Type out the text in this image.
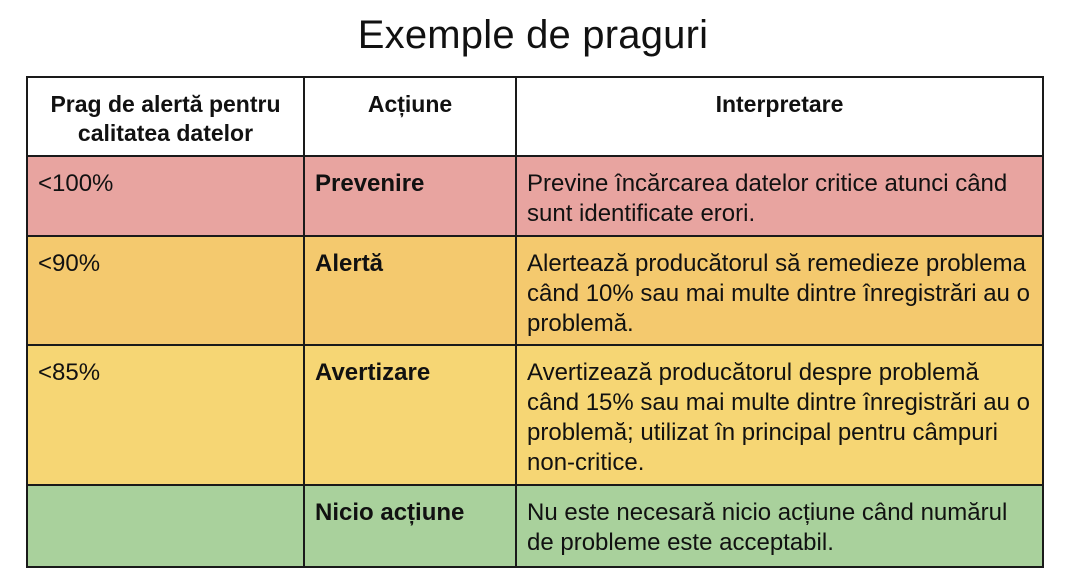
Exemple de praguri
Prag de alertă pentru calitatea datelor	Acțiune	Interpretare
<100%	Prevenire	Previne încărcarea datelor critice atunci când sunt identificate erori.
<90%	Alertă	Alertează producătorul să remedieze problema când 10% sau mai multe dintre înregistrări au o problemă.
<85%	Avertizare	Avertizează producătorul despre problemă când 15% sau mai multe dintre înregistrări au o problemă; utilizat în principal pentru câmpuri non-critice.
	Nicio acțiune	Nu este necesară nicio acțiune când numărul de probleme este acceptabil.
